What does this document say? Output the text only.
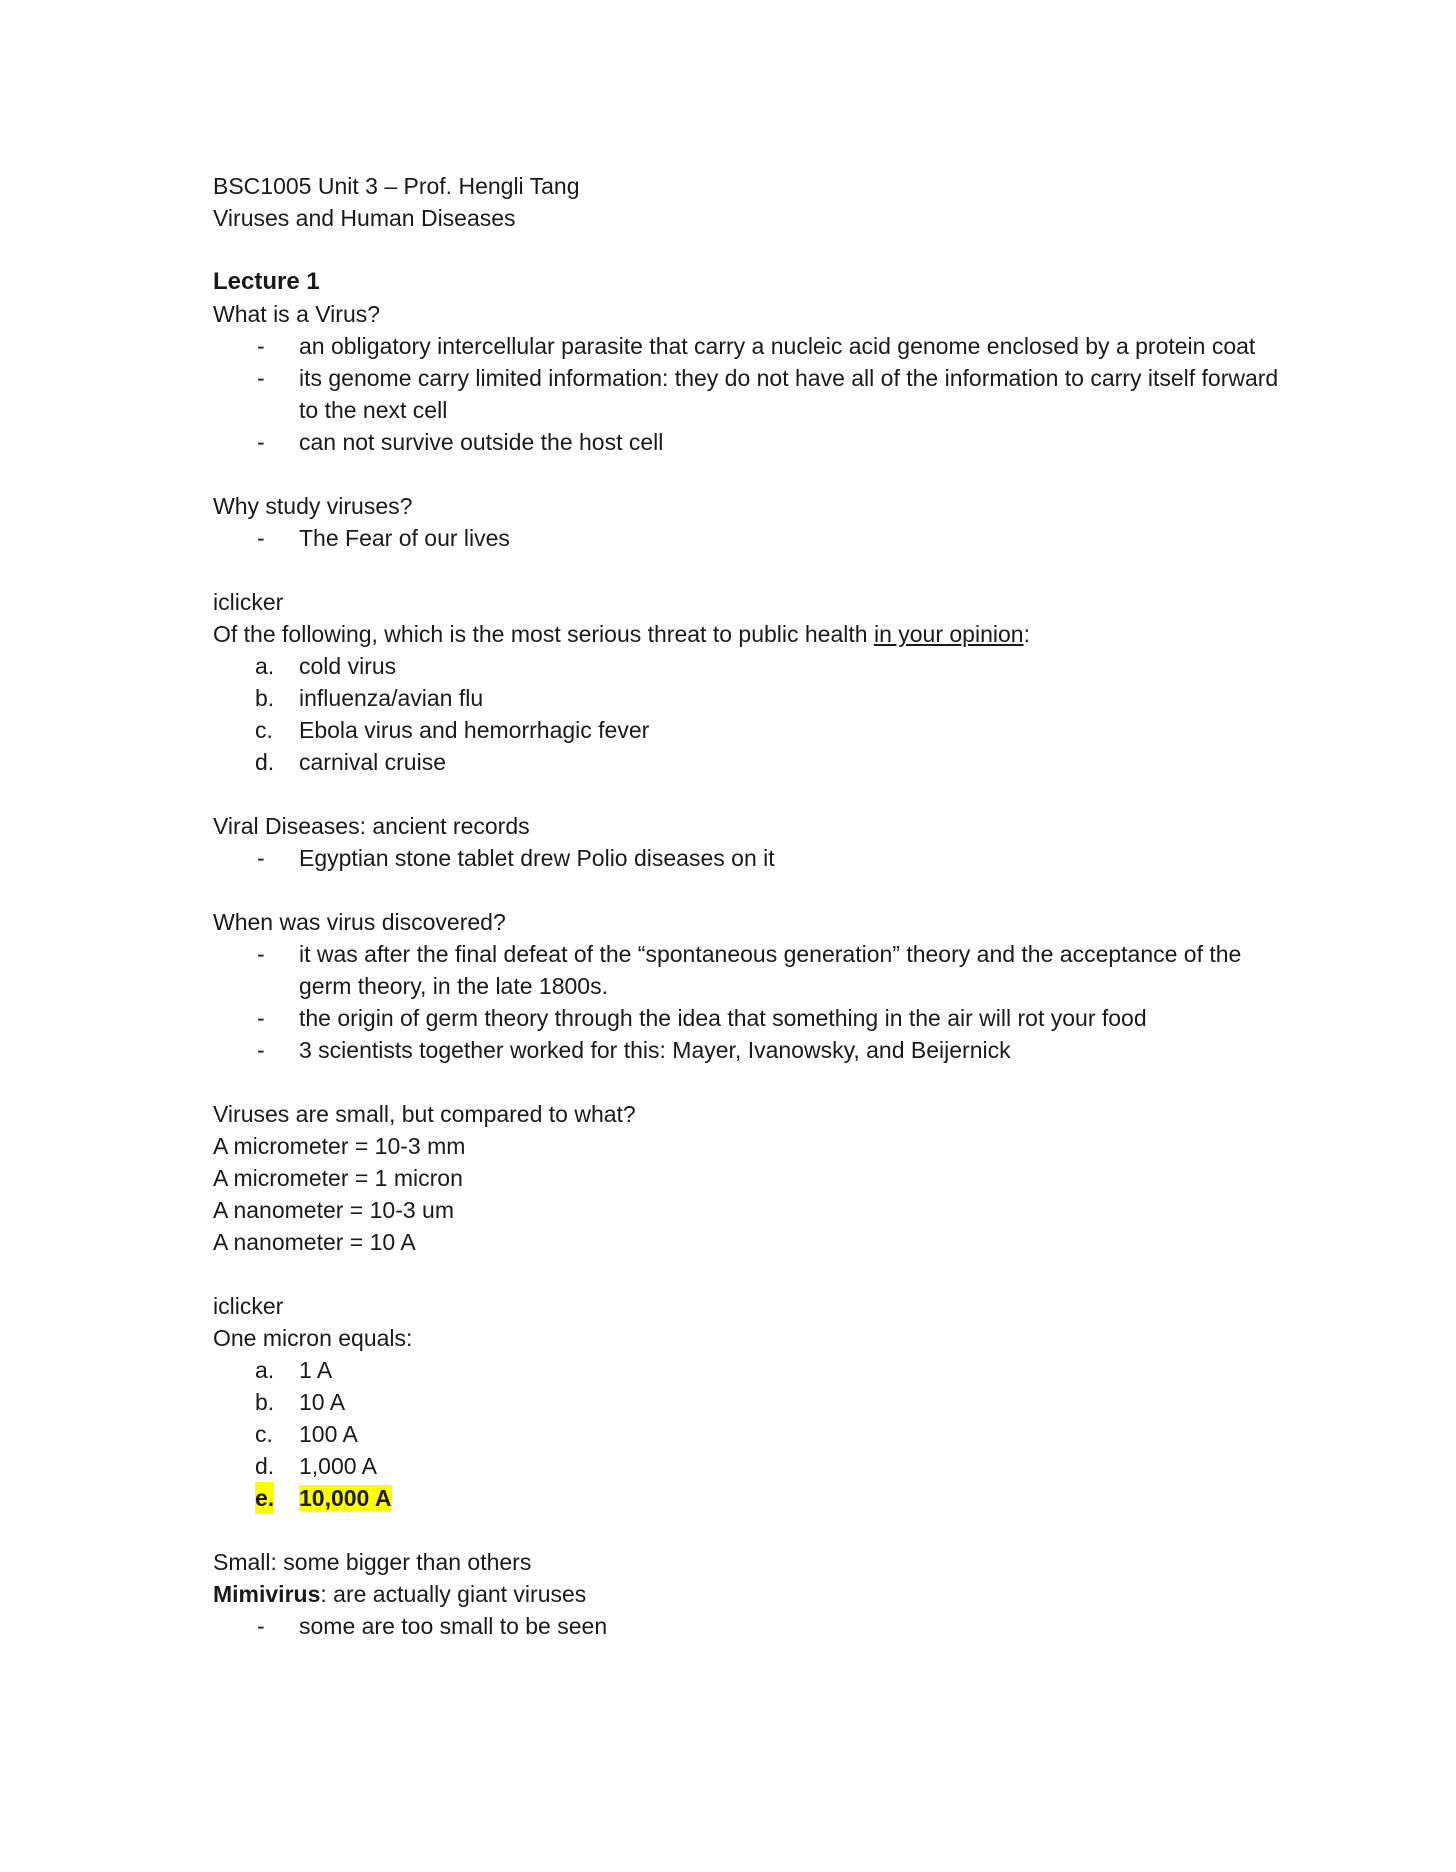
BSC1005 Unit 3 – Prof. Hengli Tang

Viruses and Human Diseases

Lecture 1

What is a Virus?

- an obligatory intercellular parasite that carry a nucleic acid genome enclosed by a protein coat
- its genome carry limited information: they do not have all of the information to carry itself forward to the next cell
- can not survive outside the host cell

Why study viruses?

- The Fear of our lives

iclicker

Of the following, which is the most serious threat to public health in your opinion:

a. cold virus
b. influenza/avian flu
c. Ebola virus and hemorrhagic fever
d. carnival cruise

Viral Diseases: ancient records

- Egyptian stone tablet drew Polio diseases on it

When was virus discovered?

- it was after the final defeat of the “spontaneous generation” theory and the acceptance of the germ theory, in the late 1800s.
- the origin of germ theory through the idea that something in the air will rot your food
- 3 scientists together worked for this: Mayer, Ivanowsky, and Beijernick

Viruses are small, but compared to what?

A micrometer = 10-3 mm

A micrometer = 1 micron

A nanometer = 10-3 um

A nanometer = 10 A

iclicker

One micron equals:

a. 1 A
b. 10 A
c. 100 A
d. 1,000 A
e. 10,000 A

Small: some bigger than others

Mimivirus: are actually giant viruses

- some are too small to be seen
